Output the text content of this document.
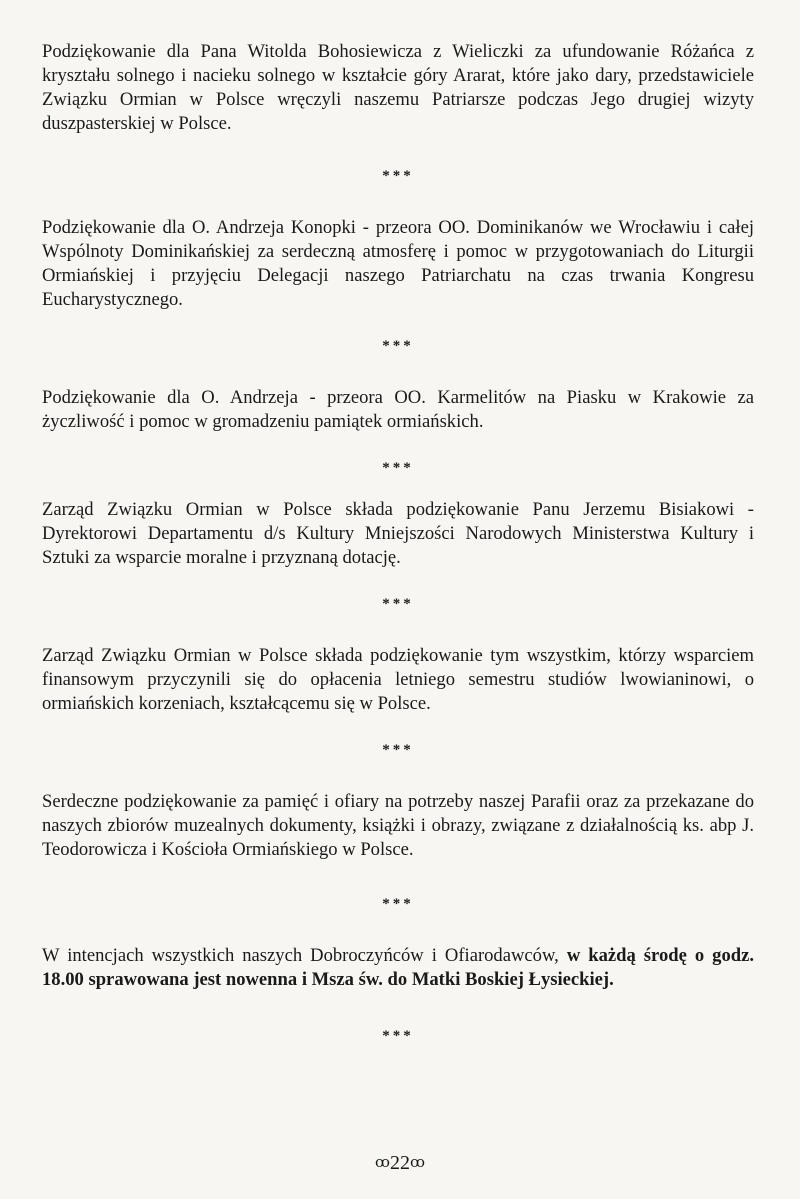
Podziękowanie dla Pana Witolda Bohosiewicza z Wieliczki za ufundowanie Różańca z kryształu solnego i nacieku solnego w kształcie góry Ararat, które jako dary, przedstawiciele Związku Ormian w Polsce wręczyli naszemu Patriarsze podczas Jego drugiej wizyty duszpasterskiej w Polsce.

***

Podziękowanie dla O. Andrzeja Konopki - przeora OO. Dominikanów we Wrocławiu i całej Wspólnoty Dominikańskiej za serdeczną atmosferę i pomoc w przygotowaniach do Liturgii Ormiańskiej i przyjęciu Delegacji naszego Patriarchatu na czas trwania Kongresu Eucharystycznego.

***

Podziękowanie dla O. Andrzeja - przeora OO. Karmelitów na Piasku w Krakowie za życzliwość i pomoc w gromadzeniu pamiątek ormiańskich.

***

Zarząd Związku Ormian w Polsce składa podziękowanie Panu Jerzemu Bisiakowi - Dyrektorowi Departamentu d/s Kultury Mniejszości Narodowych Ministerstwa Kultury i Sztuki za wsparcie moralne i przyznaną dotację.

***

Zarząd Związku Ormian w Polsce składa podziękowanie tym wszystkim, którzy wsparciem finansowym przyczynili się do opłacenia letniego semestru studiów lwowianinowi, o ormiańskich korzeniach, kształcącemu się w Polsce.

***

Serdeczne podziękowanie za pamięć i ofiary na potrzeby naszej Parafii oraz za przekazane do naszych zbiorów muzealnych dokumenty, książki i obrazy, związane z działalnością ks. abp J. Teodorowicza i Kościoła Ormiańskiego w Polsce.

***

W intencjach wszystkich naszych Dobroczyńców i Ofiarodawców, w każdą środę o godz. 18.00 sprawowana jest nowenna i Msza św. do Matki Boskiej Łysieckiej.

***

ꝏ22ꝏ
